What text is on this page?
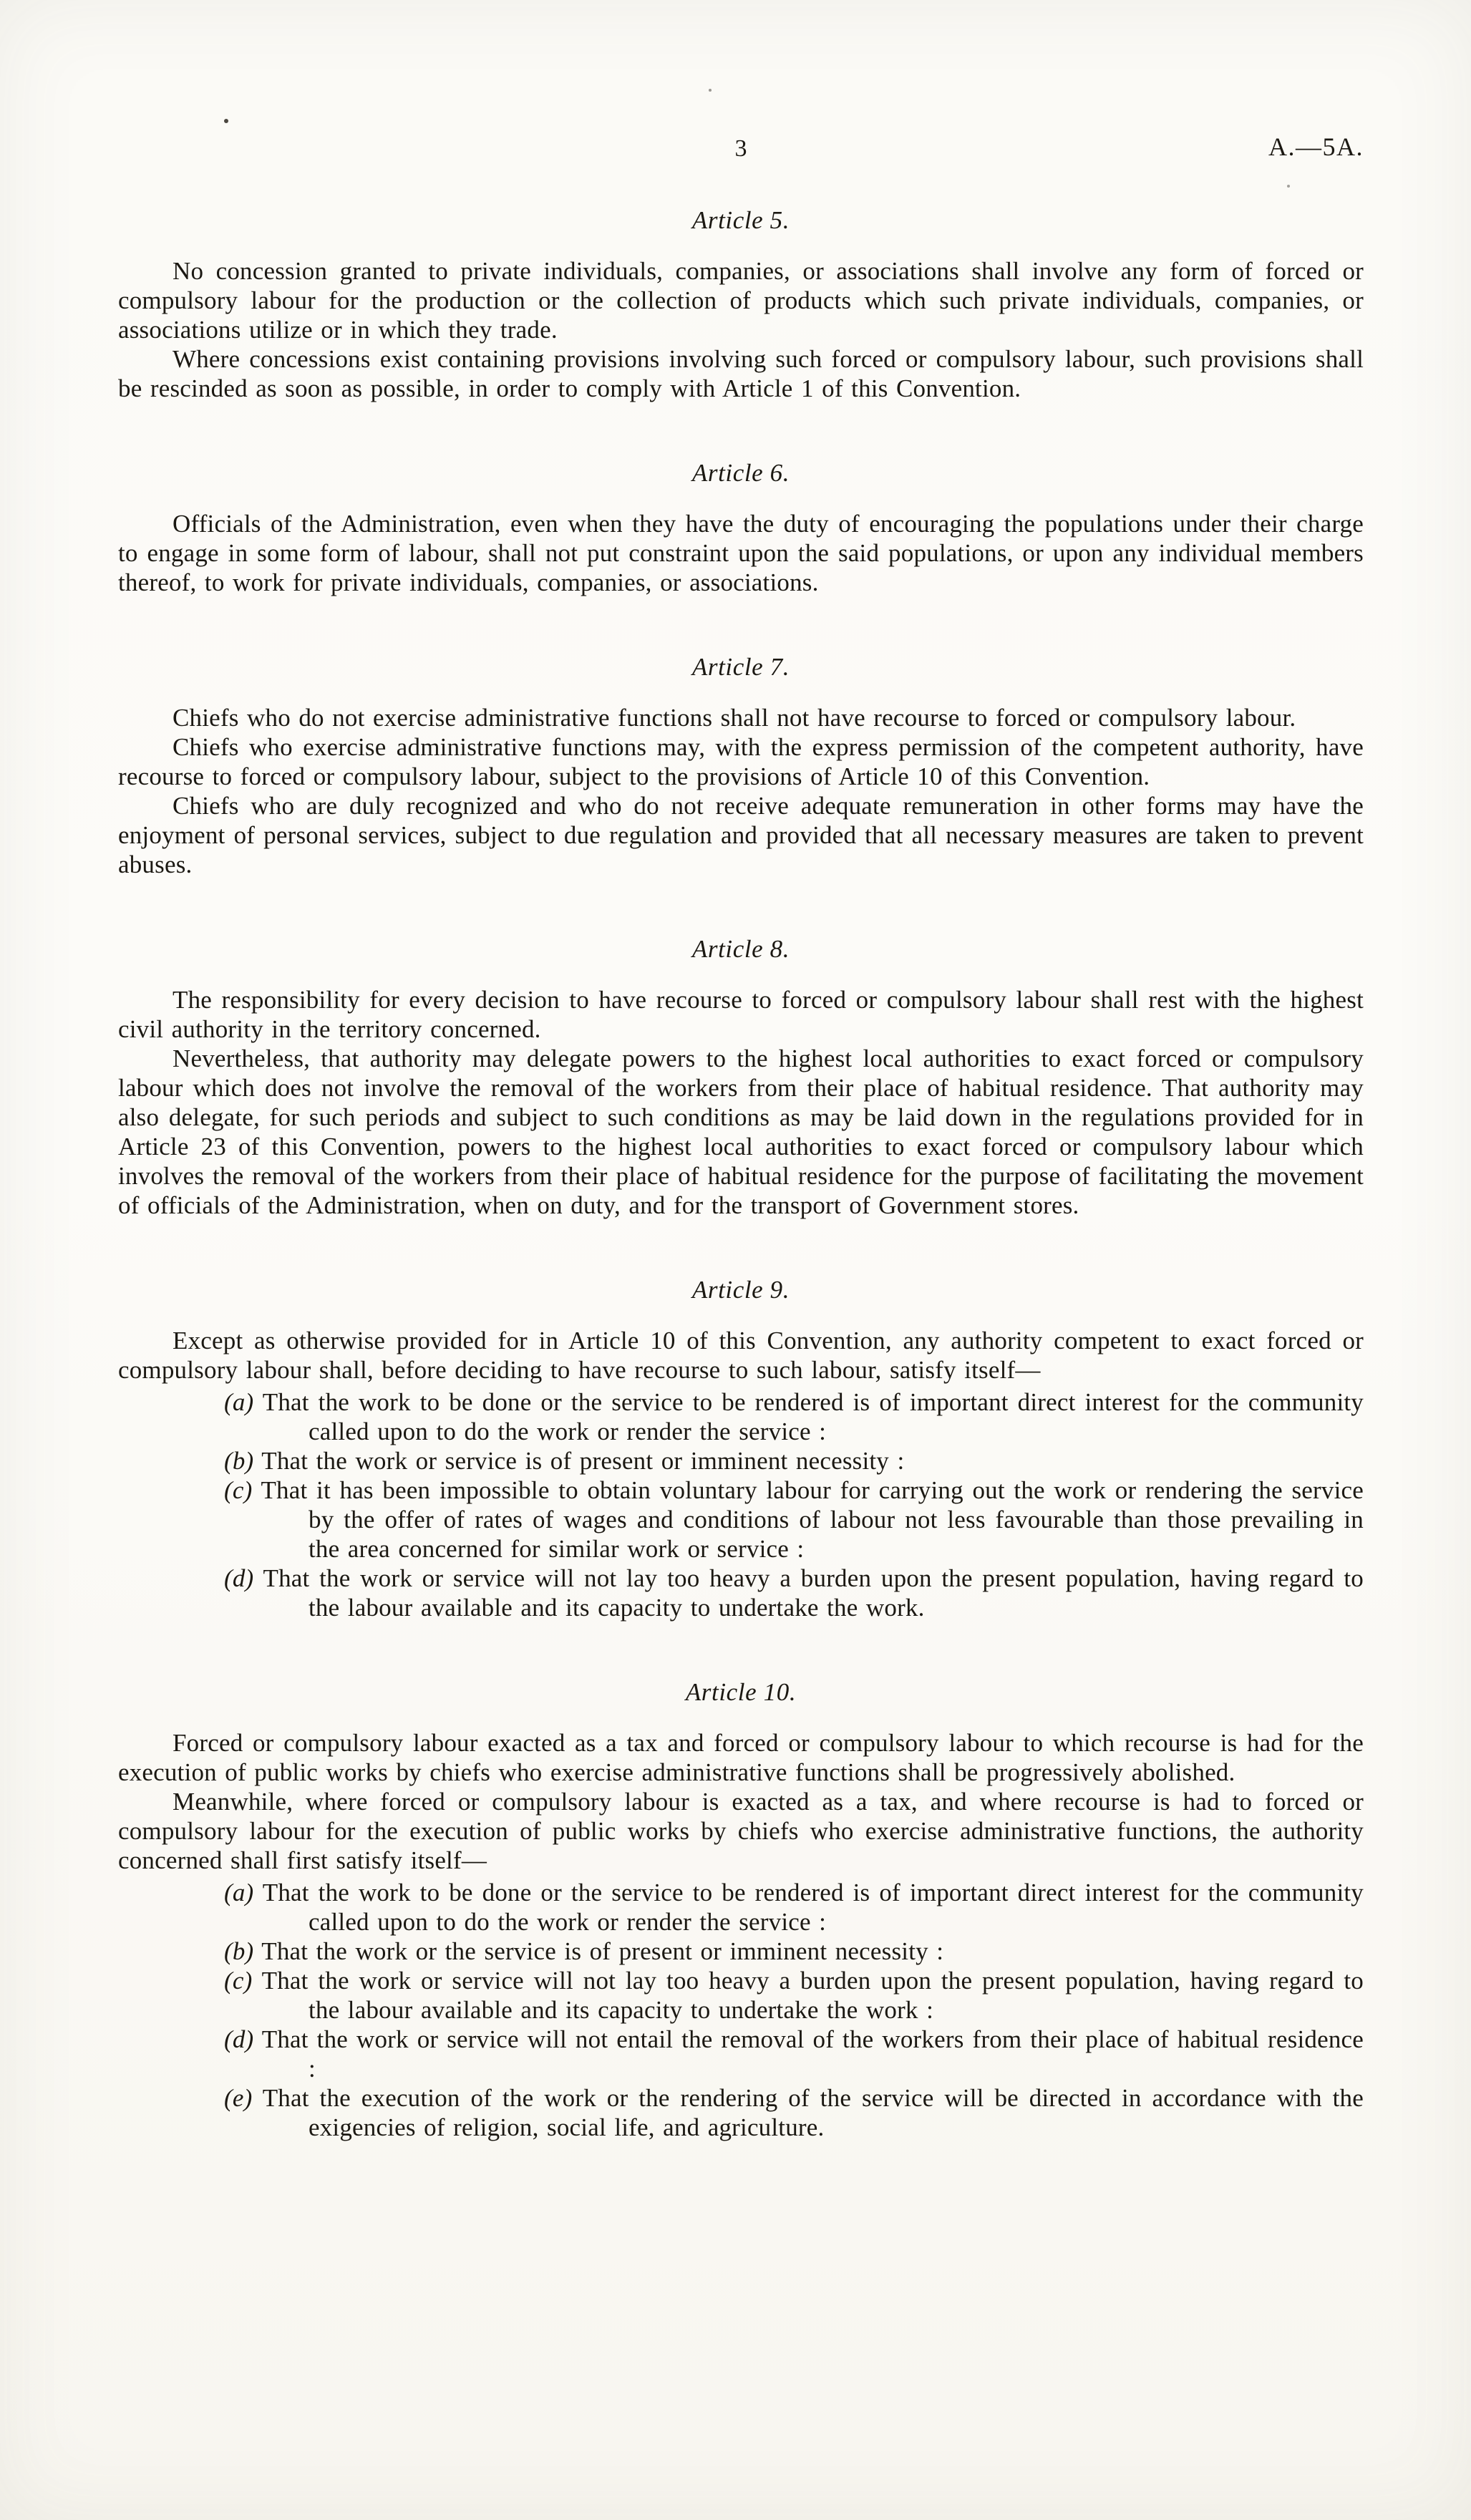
3	A.—5A.
Article 5.

No concession granted to private individuals, companies, or associations shall involve any form of forced or compulsory labour for the production or the collection of products which such private individuals, companies, or associations utilize or in which they trade.

Where concessions exist containing provisions involving such forced or compulsory labour, such provisions shall be rescinded as soon as possible, in order to comply with Article 1 of this Convention.

Article 6.

Officials of the Administration, even when they have the duty of encouraging the populations under their charge to engage in some form of labour, shall not put constraint upon the said populations, or upon any individual members thereof, to work for private individuals, companies, or associations.

Article 7.

Chiefs who do not exercise administrative functions shall not have recourse to forced or compulsory labour.

Chiefs who exercise administrative functions may, with the express permission of the competent authority, have recourse to forced or compulsory labour, subject to the provisions of Article 10 of this Convention.

Chiefs who are duly recognized and who do not receive adequate remuneration in other forms may have the enjoyment of personal services, subject to due regulation and provided that all necessary measures are taken to prevent abuses.

Article 8.

The responsibility for every decision to have recourse to forced or compulsory labour shall rest with the highest civil authority in the territory concerned.

Nevertheless, that authority may delegate powers to the highest local authorities to exact forced or compulsory labour which does not involve the removal of the workers from their place of habitual residence. That authority may also delegate, for such periods and subject to such conditions as may be laid down in the regulations provided for in Article 23 of this Convention, powers to the highest local authorities to exact forced or compulsory labour which involves the removal of the workers from their place of habitual residence for the purpose of facilitating the movement of officials of the Administration, when on duty, and for the transport of Government stores.

Article 9.

Except as otherwise provided for in Article 10 of this Convention, any authority competent to exact forced or compulsory labour shall, before deciding to have recourse to such labour, satisfy itself—

(a) That the work to be done or the service to be rendered is of important direct interest for the community called upon to do the work or render the service :
(b) That the work or service is of present or imminent necessity :
(c) That it has been impossible to obtain voluntary labour for carrying out the work or rendering the service by the offer of rates of wages and conditions of labour not less favourable than those prevailing in the area concerned for similar work or service :
(d) That the work or service will not lay too heavy a burden upon the present population, having regard to the labour available and its capacity to undertake the work.
Article 10.

Forced or compulsory labour exacted as a tax and forced or compulsory labour to which recourse is had for the execution of public works by chiefs who exercise administrative functions shall be progressively abolished.

Meanwhile, where forced or compulsory labour is exacted as a tax, and where recourse is had to forced or compulsory labour for the execution of public works by chiefs who exercise administrative functions, the authority concerned shall first satisfy itself—

(a) That the work to be done or the service to be rendered is of important direct interest for the community called upon to do the work or render the service :
(b) That the work or the service is of present or imminent necessity :
(c) That the work or service will not lay too heavy a burden upon the present population, having regard to the labour available and its capacity to undertake the work :
(d) That the work or service will not entail the removal of the workers from their place of habitual residence :
(e) That the execution of the work or the rendering of the service will be directed in accordance with the exigencies of religion, social life, and agriculture.
